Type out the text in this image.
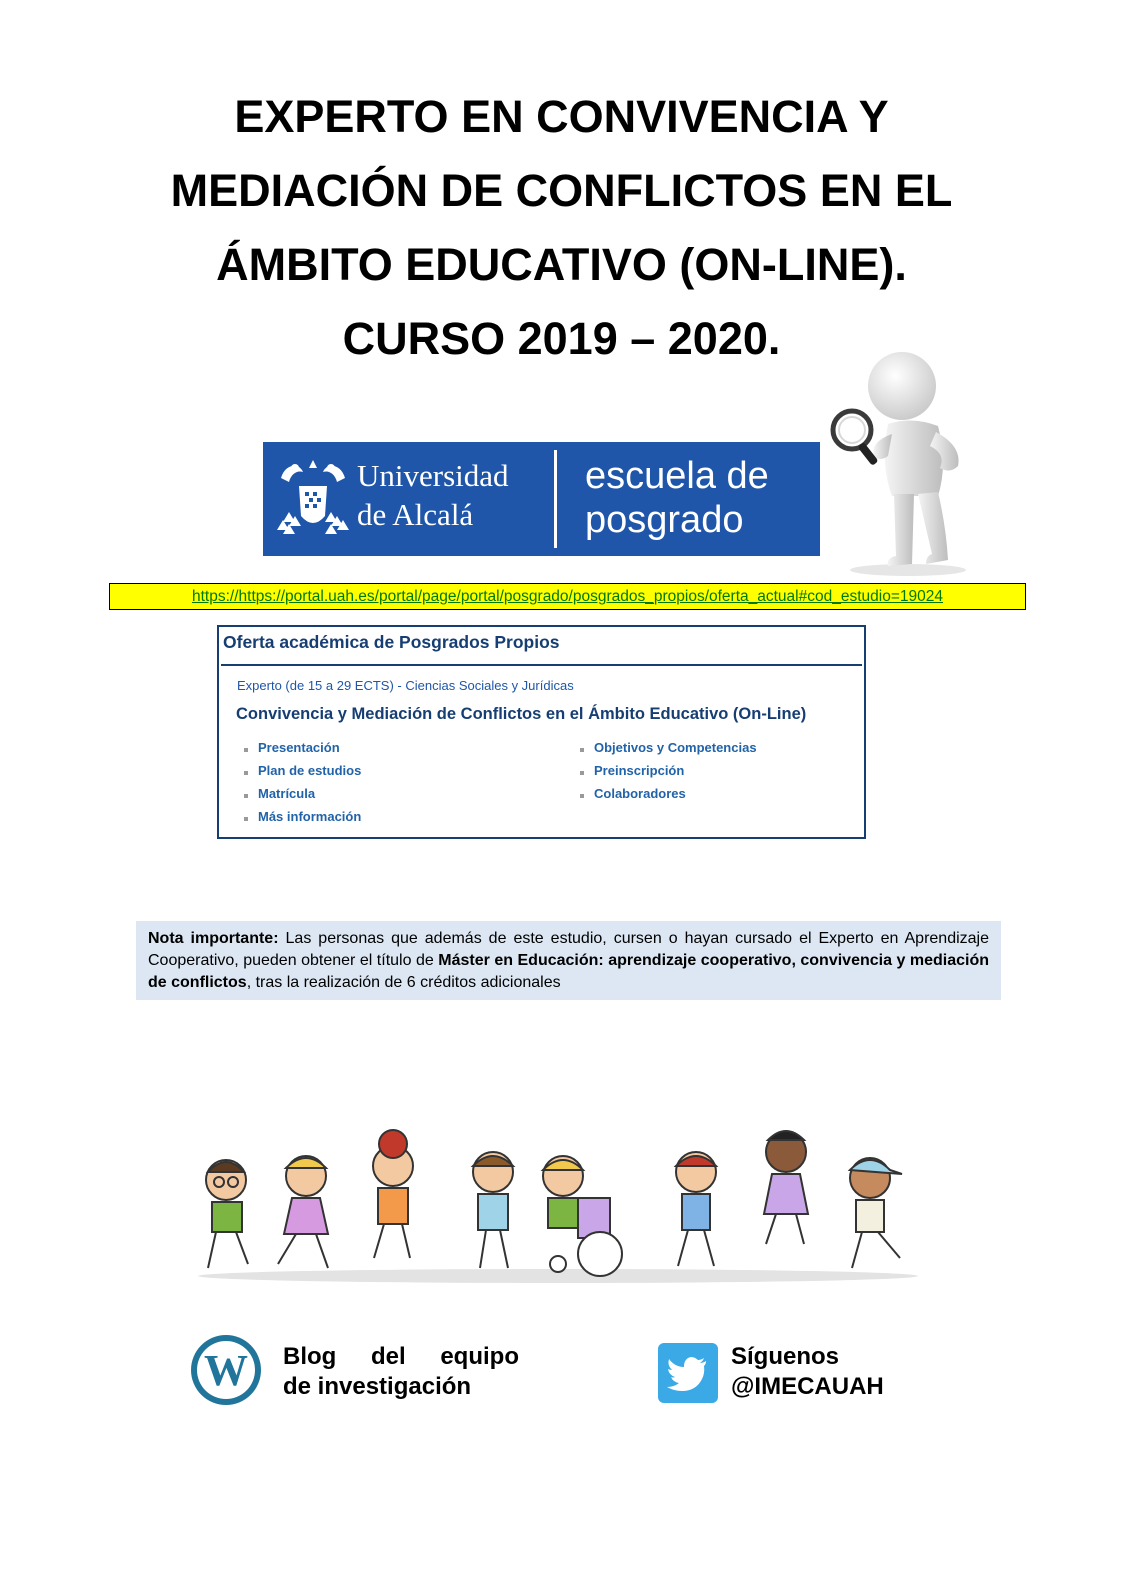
EXPERTO EN CONVIVENCIA Y
MEDIACIÓN DE CONFLICTOS EN EL
ÁMBITO EDUCATIVO (ON-LINE).
CURSO 2019 – 2020.
Universidad
de Alcalá
escuela de
posgrado
https://https://portal.uah.es/portal/page/portal/posgrado/posgrados_propios/oferta_actual#cod_estudio=19024
Oferta académica de Posgrados Propios
Experto (de 15 a 29 ECTS) - Ciencias Sociales y Jurídicas
Convivencia y Mediación de Conflictos en el Ámbito Educativo (On-Line)
Presentación
Plan de estudios
Matrícula
Más información
Objetivos y Competencias
Preinscripción
Colaboradores
Nota importante: Las personas que además de este estudio, cursen o hayan cursado el Experto en Aprendizaje Cooperativo, pueden obtener el título de Máster en Educación: aprendizaje cooperativo, convivencia y mediación de conflictos, tras la realización de 6 créditos adicionales
W Blog del equipo
de investigación
Síguenos
@IMECAUAH
